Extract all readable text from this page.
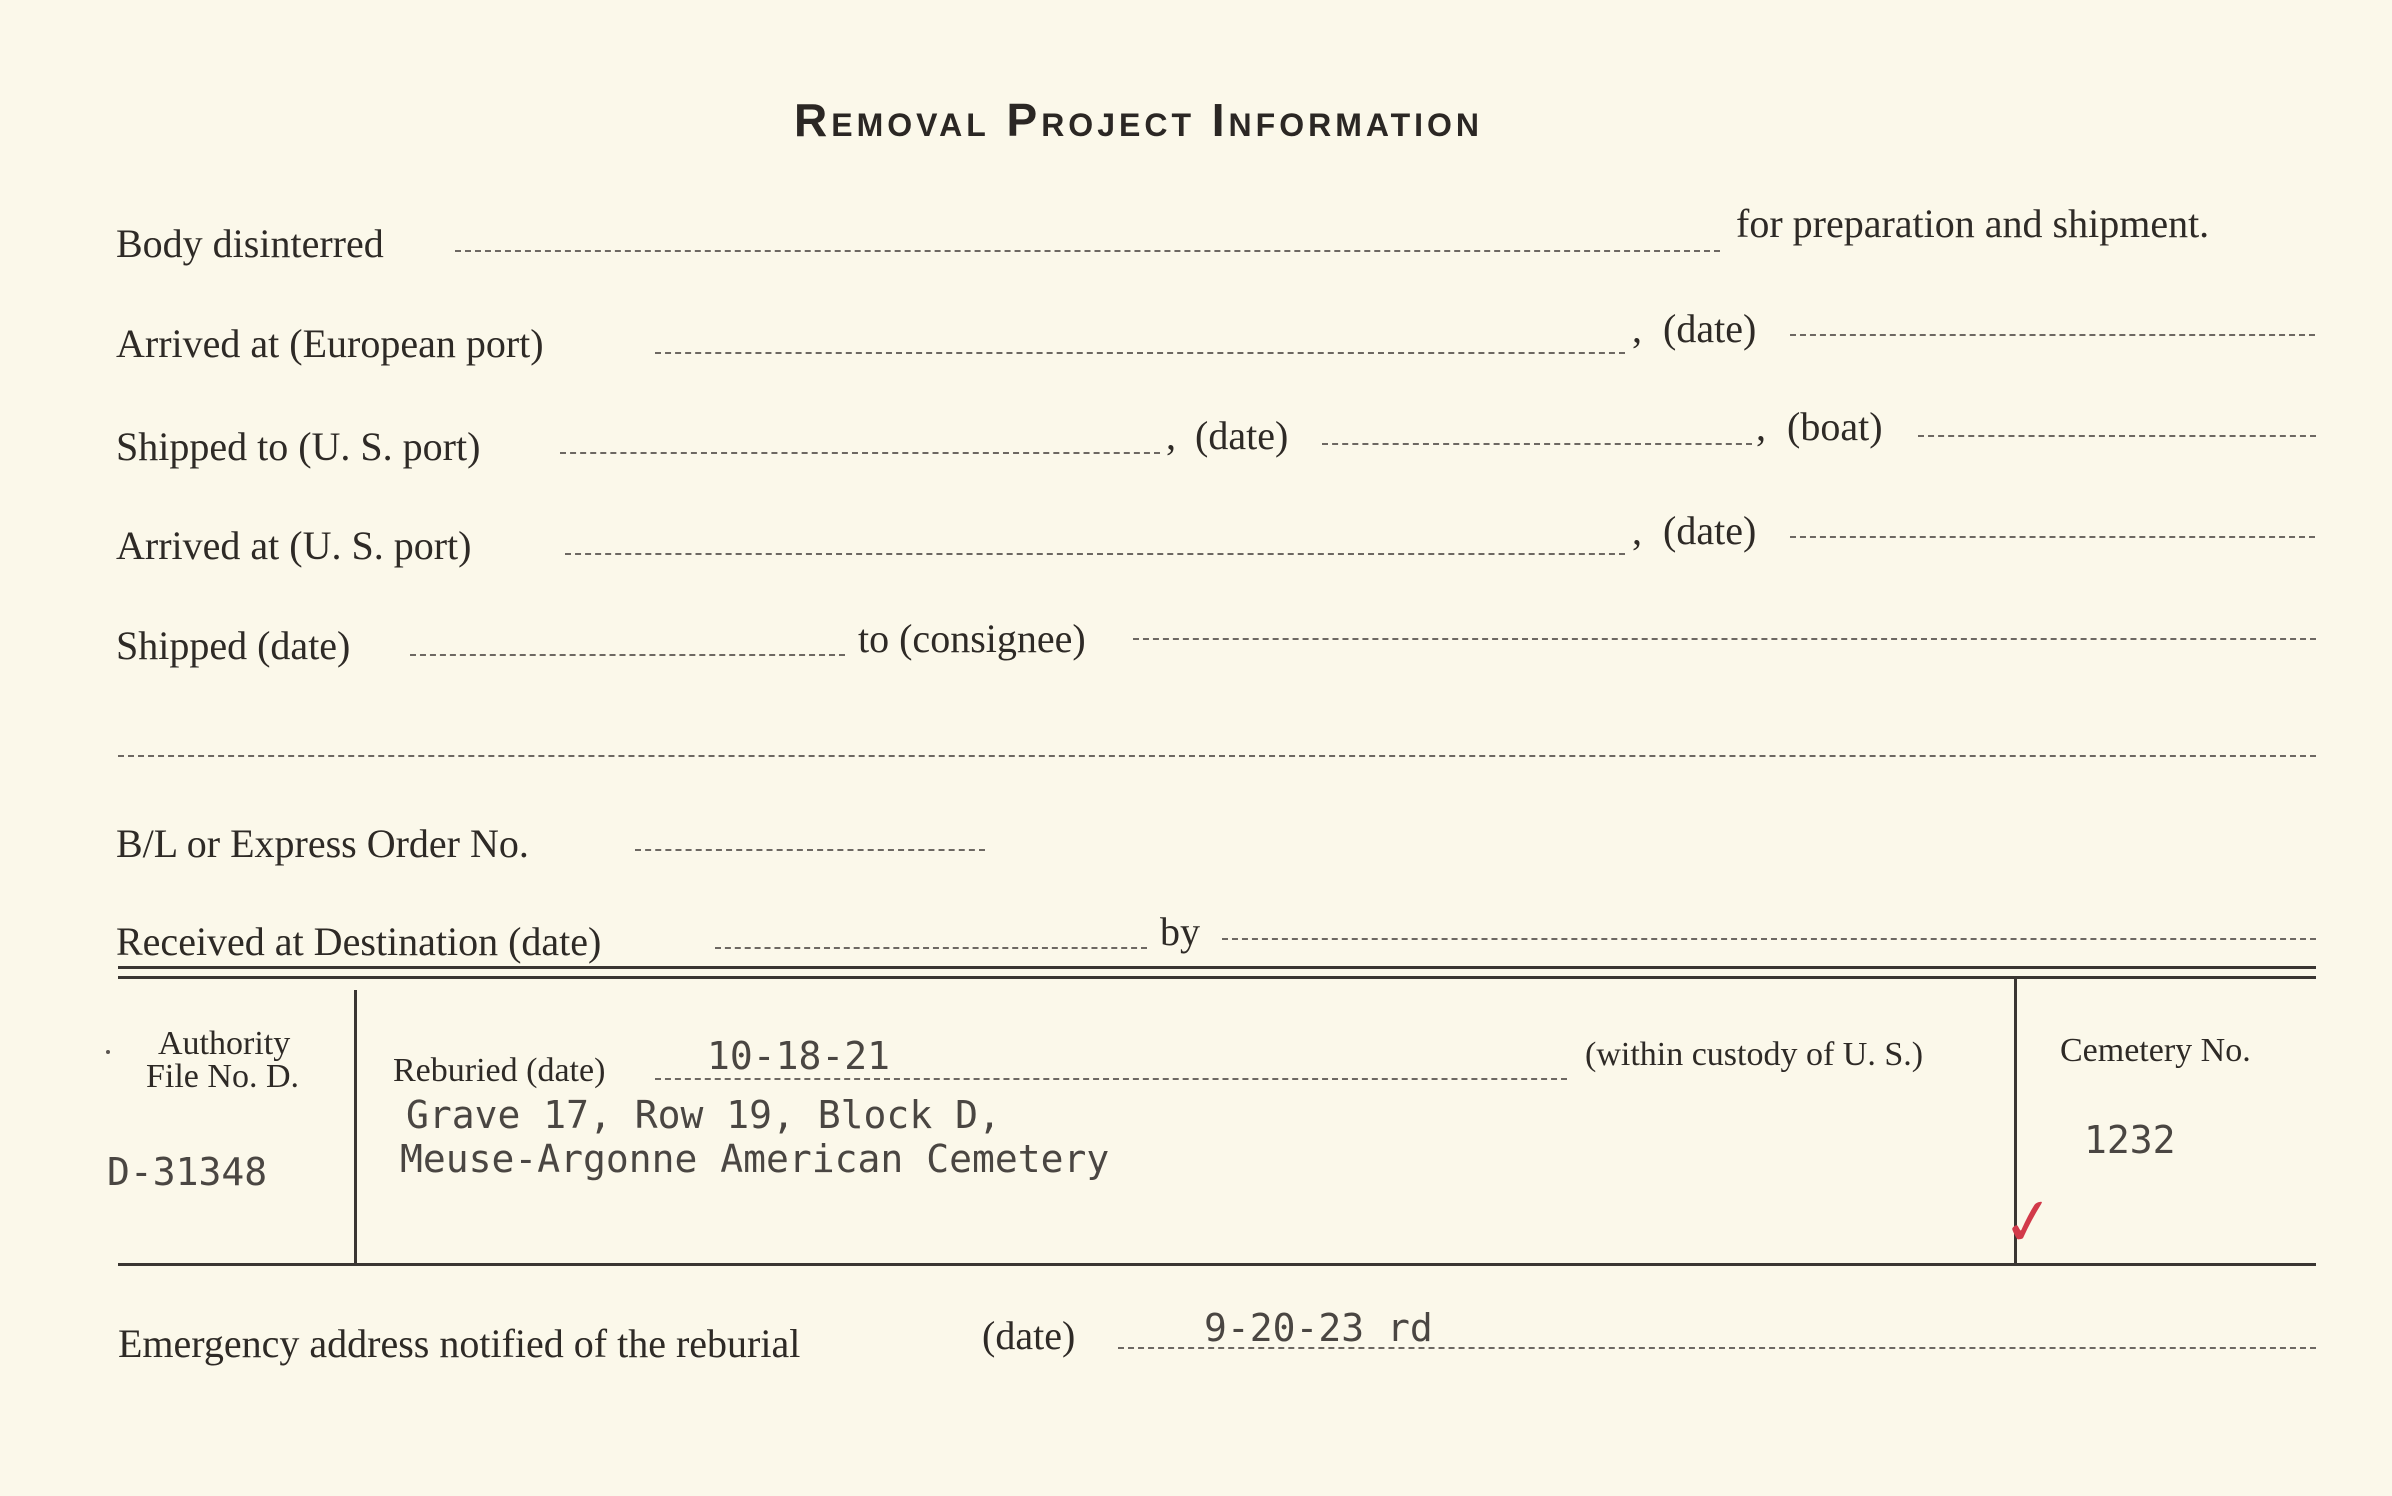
Removal Project Information
Body disinterred	for preparation and shipment.
Arrived at (European port)	, (date)
Shipped to (U. S. port)	, (date)	, (boat)
Arrived at (U. S. port)	, (date)
Shipped (date)	to (consignee)
B/L or Express Order No.
Received at Destination (date)	by
Authority
File No. D.
D-31348
Reburied (date)	10-18-21	(within custody of U. S.)
Grave 17, Row 19, Block D,
Meuse-Argonne American Cemetery
Cemetery No.
1232
✓
Emergency address notified of the reburial	(date)	9-20-23 rd
